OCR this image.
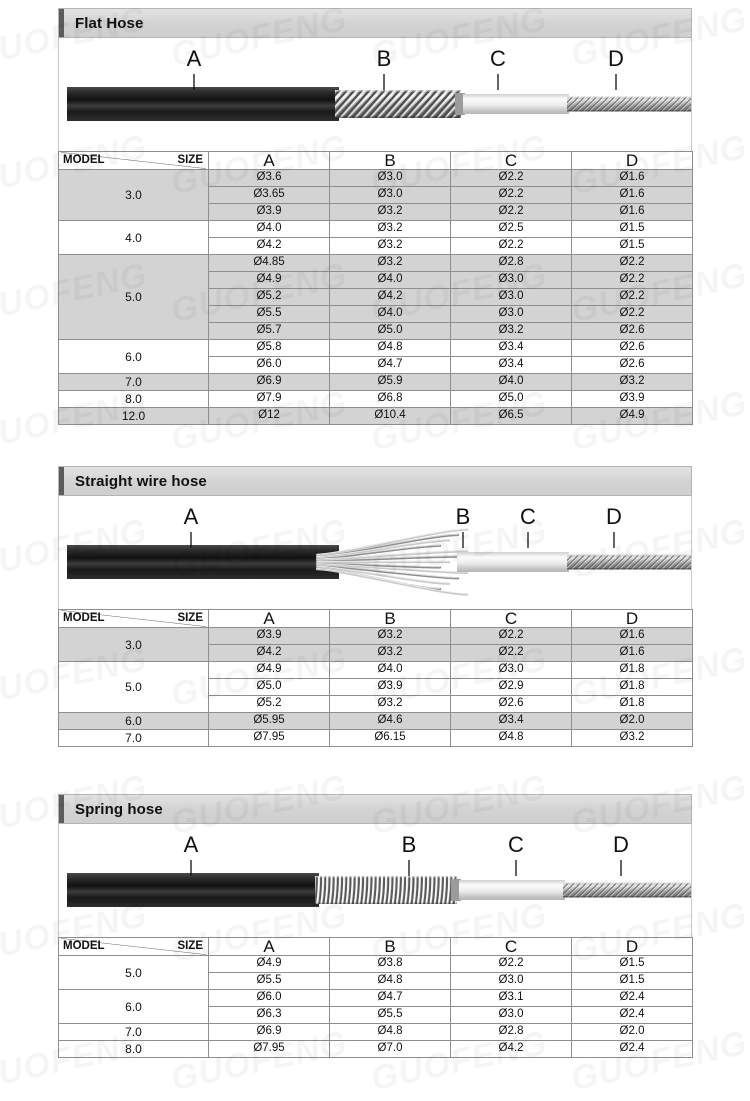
Flat Hose
A	B	C	D
SIZE
MODEL	A	B	C	D
3.0	Ø3.6	Ø3.0	Ø2.2	Ø1.6
	Ø3.65	Ø3.0	Ø2.2	Ø1.6
	Ø3.9	Ø3.2	Ø2.2	Ø1.6
4.0	Ø4.0	Ø3.2	Ø2.5	Ø1.5
	Ø4.2	Ø3.2	Ø2.2	Ø1.5
5.0	Ø4.85	Ø3.2	Ø2.8	Ø2.2
	Ø4.9	Ø4.0	Ø3.0	Ø2.2
	Ø5.2	Ø4.2	Ø3.0	Ø2.2
	Ø5.5	Ø4.0	Ø3.0	Ø2.2
	Ø5.7	Ø5.0	Ø3.2	Ø2.6
6.0	Ø5.8	Ø4.8	Ø3.4	Ø2.6
	Ø6.0	Ø4.7	Ø3.4	Ø2.6
7.0	Ø6.9	Ø5.9	Ø4.0	Ø3.2
8.0	Ø7.9	Ø6.8	Ø5.0	Ø3.9
12.0	Ø12	Ø10.4	Ø6.5	Ø4.9
Straight wire hose
A	B C	D
SIZE
MODEL	A	B	C	D
3.0	Ø3.9	Ø3.2	Ø2.2	Ø1.6
	Ø4.2	Ø3.2	Ø2.2	Ø1.6
5.0	Ø4.9	Ø4.0	Ø3.0	Ø1.8
	Ø5.0	Ø3.9	Ø2.9	Ø1.8
	Ø5.2	Ø3.2	Ø2.6	Ø1.8
6.0	Ø5.95	Ø4.6	Ø3.4	Ø2.0
7.0	Ø7.95	Ø6.15	Ø4.8	Ø3.2
Spring hose
A	B	C	D
SIZE
MODEL	A	B	C	D
5.0	Ø4.9	Ø3.8	Ø2.2	Ø1.5
	Ø5.5	Ø4.8	Ø3.0	Ø1.5
6.0	Ø6.0	Ø4.7	Ø3.1	Ø2.4
	Ø6.3	Ø5.5	Ø3.0	Ø2.4
7.0	Ø6.9	Ø4.8	Ø2.8	Ø2.0
8.0	Ø7.95	Ø7.0	Ø4.2	Ø2.4
